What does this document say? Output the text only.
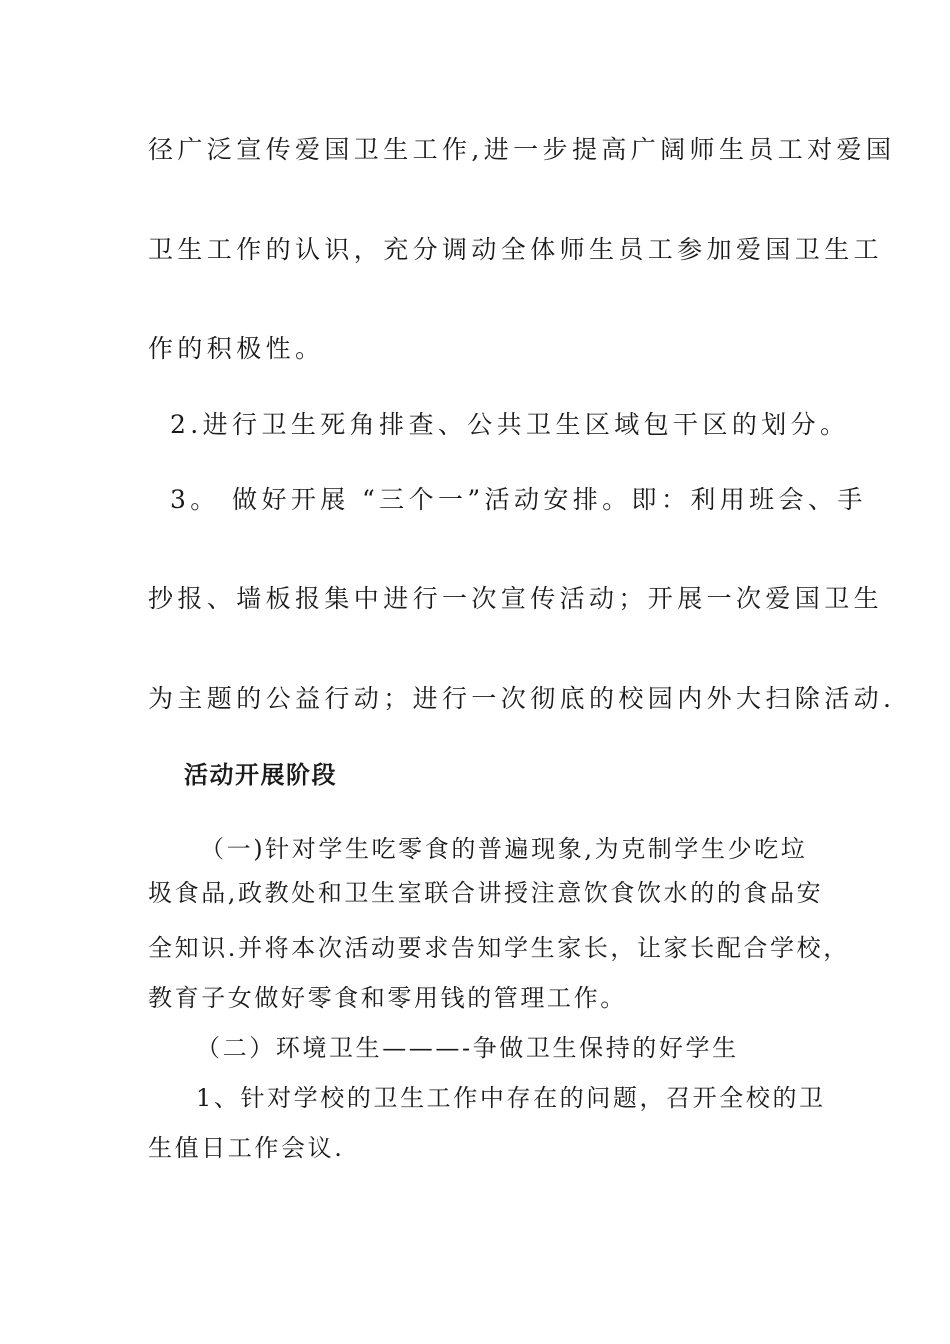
径广泛宣传爱国卫生工作,进一步提高广阔师生员工对爱国
卫生工作的认识，充分调动全体师生员工参加爱国卫生工
作的积极性。
2.进行卫生死角排查、公共卫生区域包干区的划分。
3。 做好开展 “三个一”活动安排。即：利用班会、手
抄报、墙板报集中进行一次宣传活动；开展一次爱国卫生
为主题的公益行动；进行一次彻底的校园内外大扫除活动.
活动开展阶段
（一)针对学生吃零食的普遍现象,为克制学生少吃垃
圾食品,政教处和卫生室联合讲授注意饮食饮水的的食品安
全知识.并将本次活动要求告知学生家长，让家长配合学校，
教育子女做好零食和零用钱的管理工作。
（二）环境卫生———-争做卫生保持的好学生
1、针对学校的卫生工作中存在的问题，召开全校的卫
生值日工作会议.
